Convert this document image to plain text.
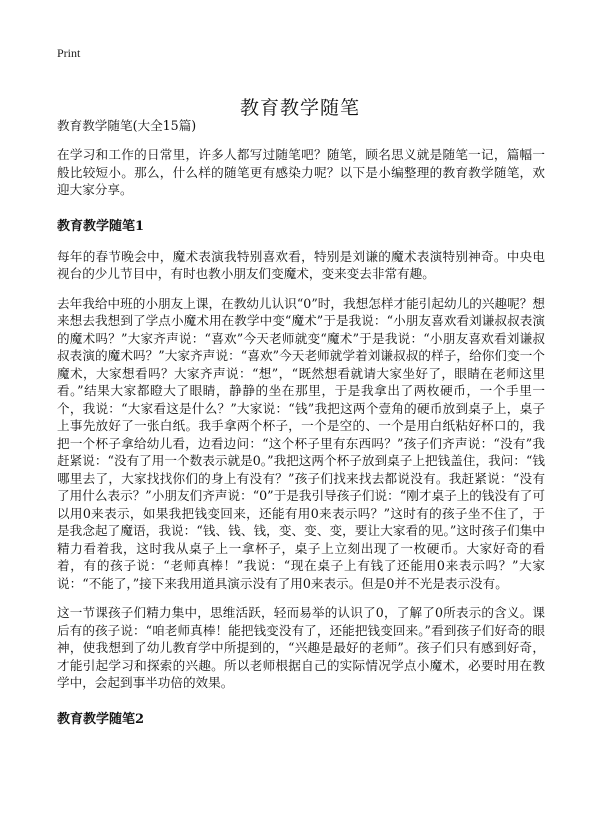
Print
教育教学随笔
教育教学随笔(大全15篇)

在学习和工作的日常里，许多人都写过随笔吧？随笔，顾名思义就是随笔一记，篇幅一般比较短小。那么，什么样的随笔更有感染力呢？以下是小编整理的教育教学随笔，欢迎大家分享。

教育教学随笔1

每年的春节晚会中，魔术表演我特别喜欢看，特别是刘谦的魔术表演特别神奇。中央电视台的少儿节目中，有时也教小朋友们变魔术，变来变去非常有趣。

去年我给中班的小朋友上课，在教幼儿认识“0”时，我想怎样才能引起幼儿的兴趣呢？想来想去我想到了学点小魔术用在教学中变“魔术”于是我说：“小朋友喜欢看刘谦叔叔表演的魔术吗？”大家齐声说：“喜欢”今天老师就变“魔术”于是我说：“小朋友喜欢看刘谦叔叔表演的魔术吗？”大家齐声说：“喜欢”今天老师就学着刘谦叔叔的样子，给你们变一个魔术，大家想看吗？大家齐声说：“想”，“既然想看就请大家坐好了，眼睛在老师这里看。”结果大家都瞪大了眼睛，静静的坐在那里，于是我拿出了两枚硬币，一个手里一个，我说：“大家看这是什么？”大家说：“钱”我把这两个壹角的硬币放到桌子上，桌子上事先放好了一张白纸。我手拿两个杯子，一个是空的、一个是用白纸粘好杯口的，我把一个杯子拿给幼儿看，边看边问：“这个杯子里有东西吗？”孩子们齐声说：“没有”我赶紧说：“没有了用一个数表示就是0。”我把这两个杯子放到桌子上把钱盖住，我问：“钱哪里去了，大家找找你们的身上有没有？”孩子们找来找去都说没有。我赶紧说：“没有了用什么表示？”小朋友们齐声说：“0”于是我引导孩子们说：“刚才桌子上的钱没有了可以用0来表示，如果我把钱变回来，还能有用0来表示吗？”这时有的孩子坐不住了，于是我念起了魔语，我说：“钱、钱、钱，变、变、变，要让大家看的见。”这时孩子们集中精力看着我，这时我从桌子上一拿杯子，桌子上立刻出现了一枚硬币。大家好奇的看着，有的孩子说：“老师真棒！”我说：“现在桌子上有钱了还能用0来表示吗？”大家说：“不能了，”接下来我用道具演示没有了用0来表示。但是0并不光是表示没有。

这一节课孩子们精力集中，思维活跃，轻而易举的认识了0，了解了0所表示的含义。课后有的孩子说：“咱老师真棒！能把钱变没有了，还能把钱变回来。”看到孩子们好奇的眼神，使我想到了幼儿教育学中所提到的，“兴趣是最好的老师”。孩子们只有感到好奇，才能引起学习和探索的兴趣。所以老师根据自己的实际情况学点小魔术，必要时用在教学中，会起到事半功倍的效果。

教育教学随笔2
